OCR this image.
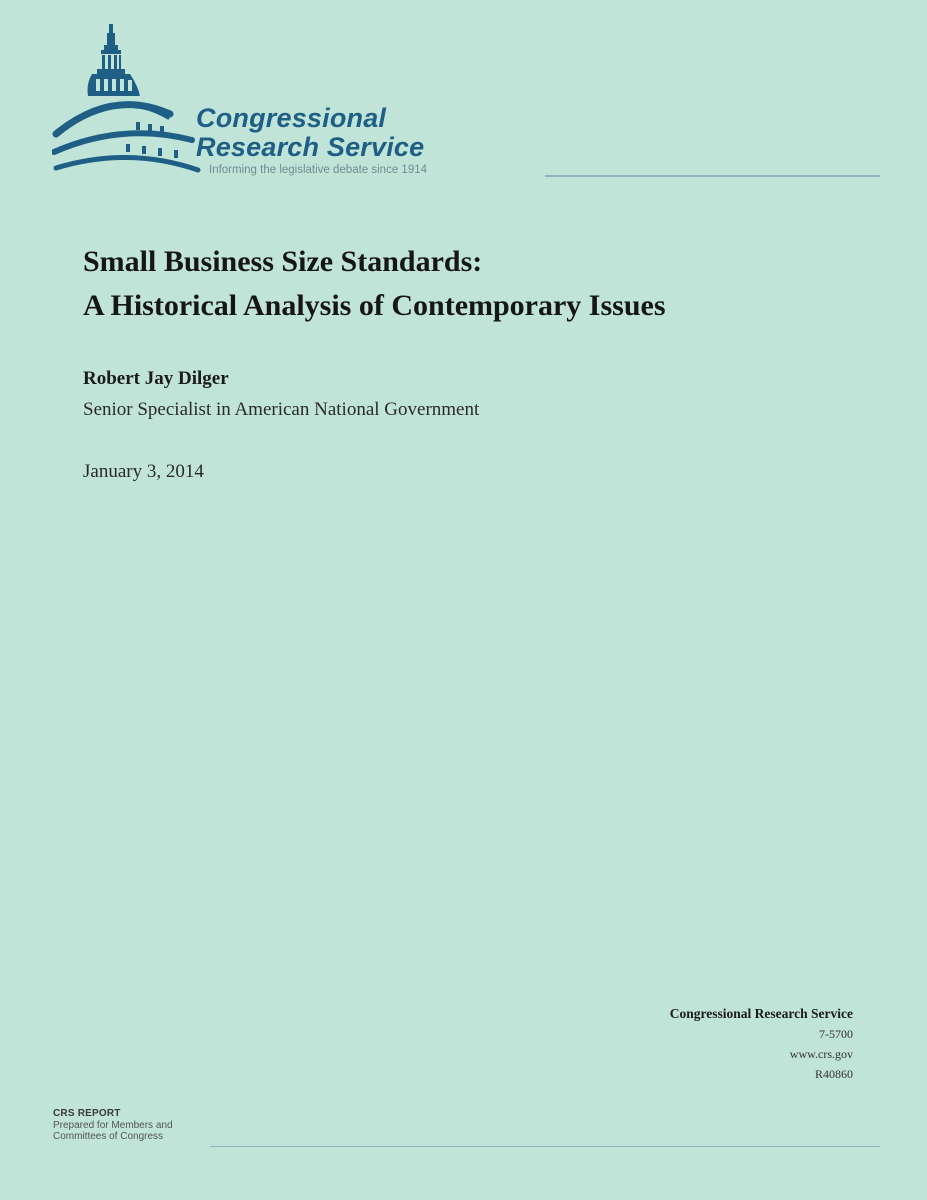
Congressional
Research Service
Informing the legislative debate since 1914
Small Business Size Standards:
A Historical Analysis of Contemporary Issues
Robert Jay Dilger
Senior Specialist in American National Government
January 3, 2014
Congressional Research Service
7-5700
www.crs.gov
R40860
CRS REPORT
Prepared for Members and
Committees of Congress
